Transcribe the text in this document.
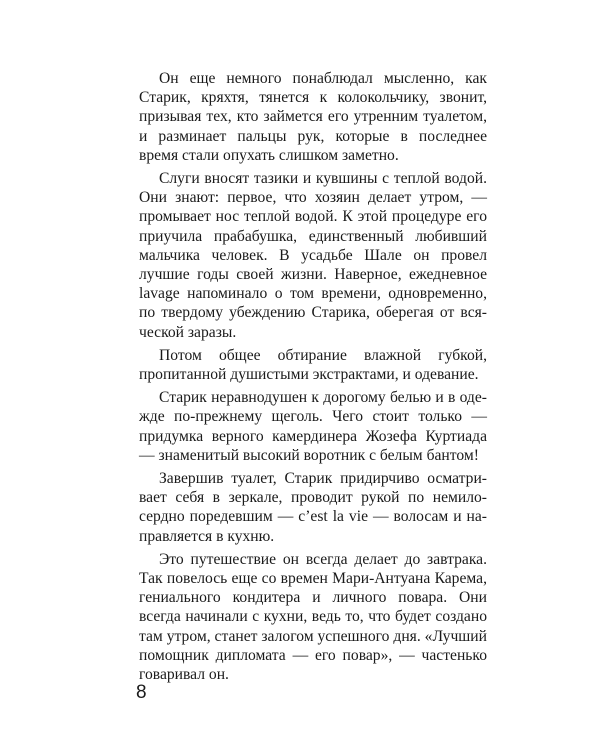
Он еще немного понаблюдал мысленно, как Старик, кряхтя, тянется к колокольчику, звонит, призывая тех, кто займется его утренним туалетом, и разминает пальцы рук, которые в последнее время стали опухать слишком заметно.

Слуги вносят тазики и кувшины с теплой водой. Они знают: первое, что хозяин делает утром, — промывает нос теплой водой. К этой процедуре его приучила прабабушка, единственный любивший мальчика человек. В усадьбе Шале он провел лучшие годы своей жизни. Наверное, ежедневное lavage напоминало о том времени, одновременно, по твердому убеждению Старика, оберегая от всяческой заразы.

Потом общее обтирание влажной губкой, пропитанной душистыми экстрактами, и одевание.

Старик неравнодушен к дорогому белью и в одежде по-прежнему щеголь. Чего стоит только — придумка верного камердинера Жозефа Куртиада — знаменитый высокий воротник с белым бантом!

Завершив туалет, Старик придирчиво осматривает себя в зеркале, проводит рукой по немилосердно поредевшим — c’est la vie — волосам и направляется в кухню.

Это путешествие он всегда делает до завтрака. Так повелось еще со времен Мари-Антуана Карема, гениального кондитера и личного повара. Они всегда начинали с кухни, ведь то, что будет создано там утром, станет залогом успешного дня. «Лучший помощник дипломата — его повар», — частенько говаривал он.

8
